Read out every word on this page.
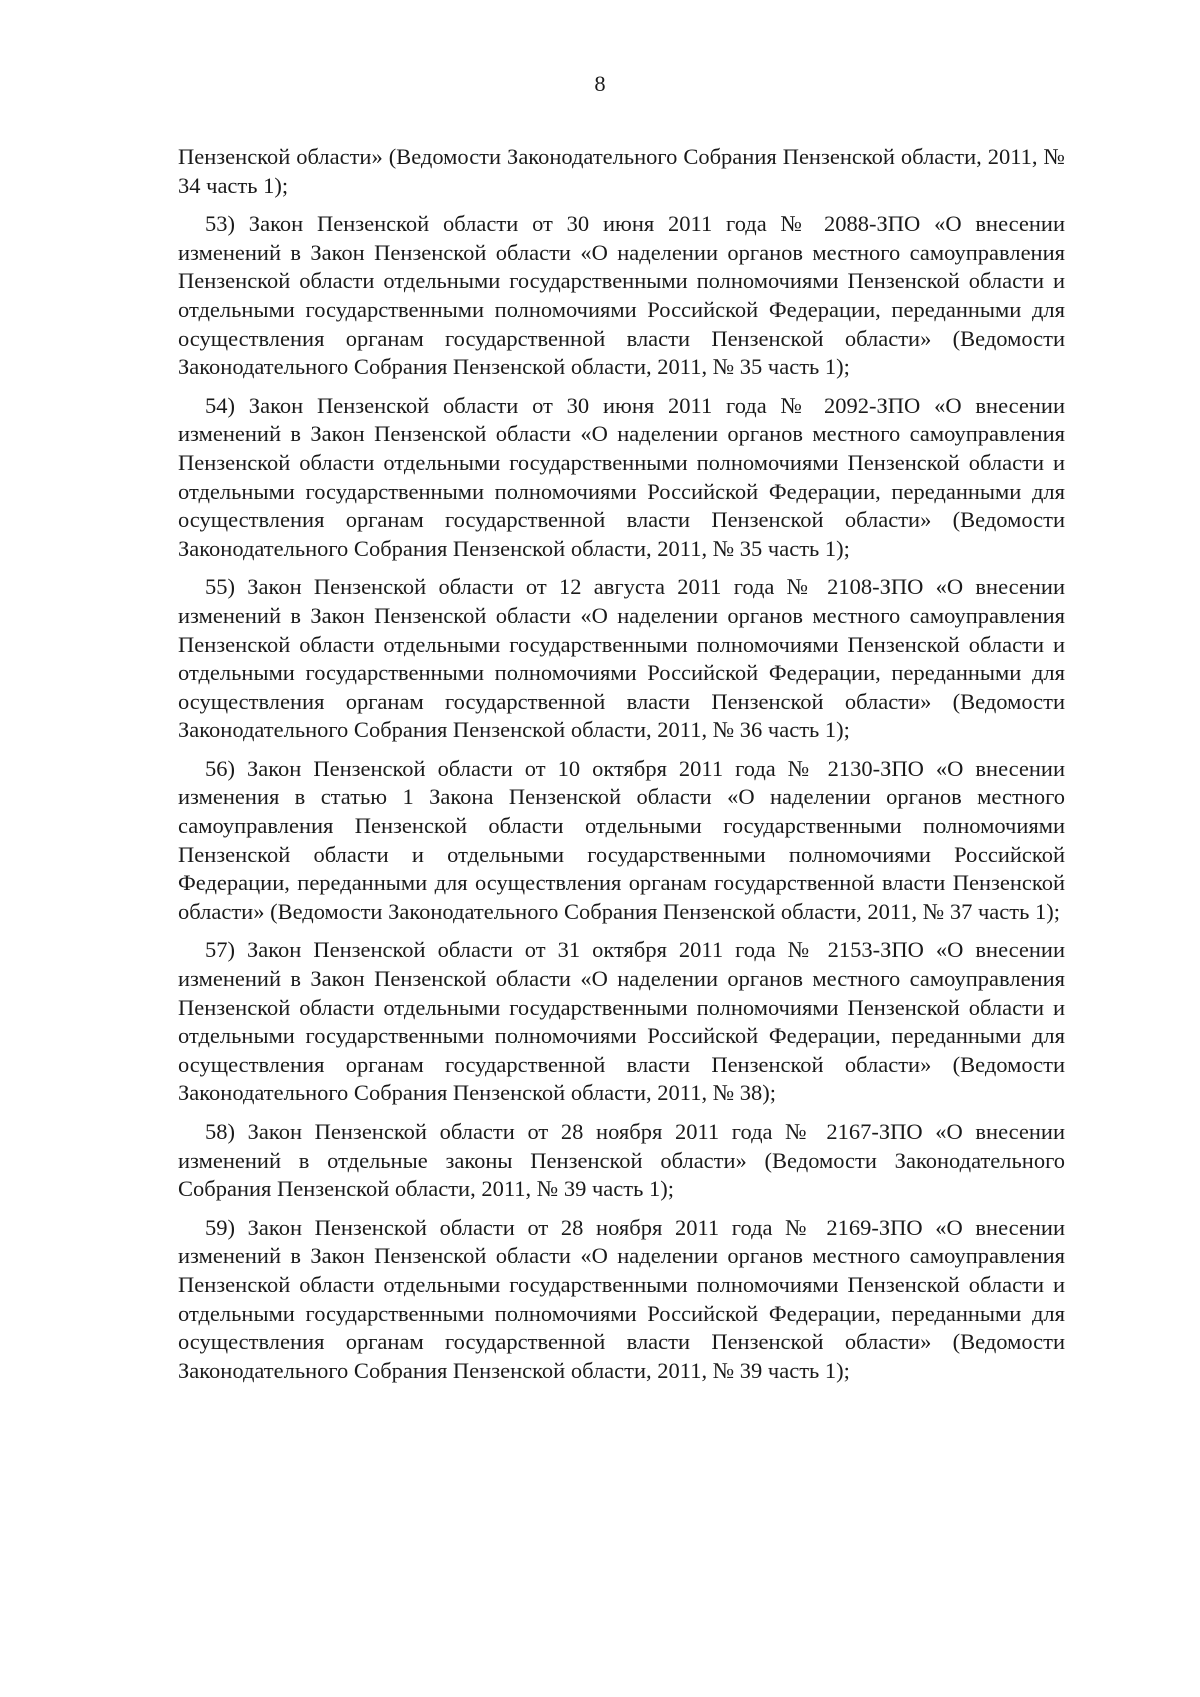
8

Пензенской области» (Ведомости Законодательного Собрания Пензенской области, 2011, № 34 часть 1);

53) Закон Пензенской области от 30 июня 2011 года № 2088-ЗПО «О внесении изменений в Закон Пензенской области «О наделении органов местного самоуправления Пензенской области отдельными государственными полномочиями Пензенской области и отдельными государственными полномочиями Российской Федерации, переданными для осуществления органам государственной власти Пензенской области» (Ведомости Законодательного Собрания Пензенской области, 2011, № 35 часть 1);

54) Закон Пензенской области от 30 июня 2011 года № 2092-ЗПО «О внесении изменений в Закон Пензенской области «О наделении органов местного самоуправления Пензенской области отдельными государственными полномочиями Пензенской области и отдельными государственными полномочиями Российской Федерации, переданными для осуществления органам государственной власти Пензенской области» (Ведомости Законодательного Собрания Пензенской области, 2011, № 35 часть 1);

55) Закон Пензенской области от 12 августа 2011 года № 2108-ЗПО «О внесении изменений в Закон Пензенской области «О наделении органов местного самоуправления Пензенской области отдельными государственными полномочиями Пензенской области и отдельными государственными полномочиями Российской Федерации, переданными для осуществления органам государственной власти Пензенской области» (Ведомости Законодательного Собрания Пензенской области, 2011, № 36 часть 1);

56) Закон Пензенской области от 10 октября 2011 года № 2130-ЗПО «О внесении изменения в статью 1 Закона Пензенской области «О наделении органов местного самоуправления Пензенской области отдельными государственными полномочиями Пензенской области и отдельными государственными полномочиями Российской Федерации, переданными для осуществления органам государственной власти Пензенской области» (Ведомости Законодательного Собрания Пензенской области, 2011, № 37 часть 1);

57) Закон Пензенской области от 31 октября 2011 года № 2153-ЗПО «О внесении изменений в Закон Пензенской области «О наделении органов местного самоуправления Пензенской области отдельными государственными полномочиями Пензенской области и отдельными государственными полномочиями Российской Федерации, переданными для осуществления органам государственной власти Пензенской области» (Ведомости Законодательного Собрания Пензенской области, 2011, № 38);

58) Закон Пензенской области от 28 ноября 2011 года № 2167-ЗПО «О внесении изменений в отдельные законы Пензенской области» (Ведомости Законодательного Собрания Пензенской области, 2011, № 39 часть 1);

59) Закон Пензенской области от 28 ноября 2011 года № 2169-ЗПО «О внесении изменений в Закон Пензенской области «О наделении органов местного самоуправления Пензенской области отдельными государственными полномочиями Пензенской области и отдельными государственными полномочиями Российской Федерации, переданными для осуществления органам государственной власти Пензенской области» (Ведомости Законодательного Собрания Пензенской области, 2011, № 39 часть 1);
